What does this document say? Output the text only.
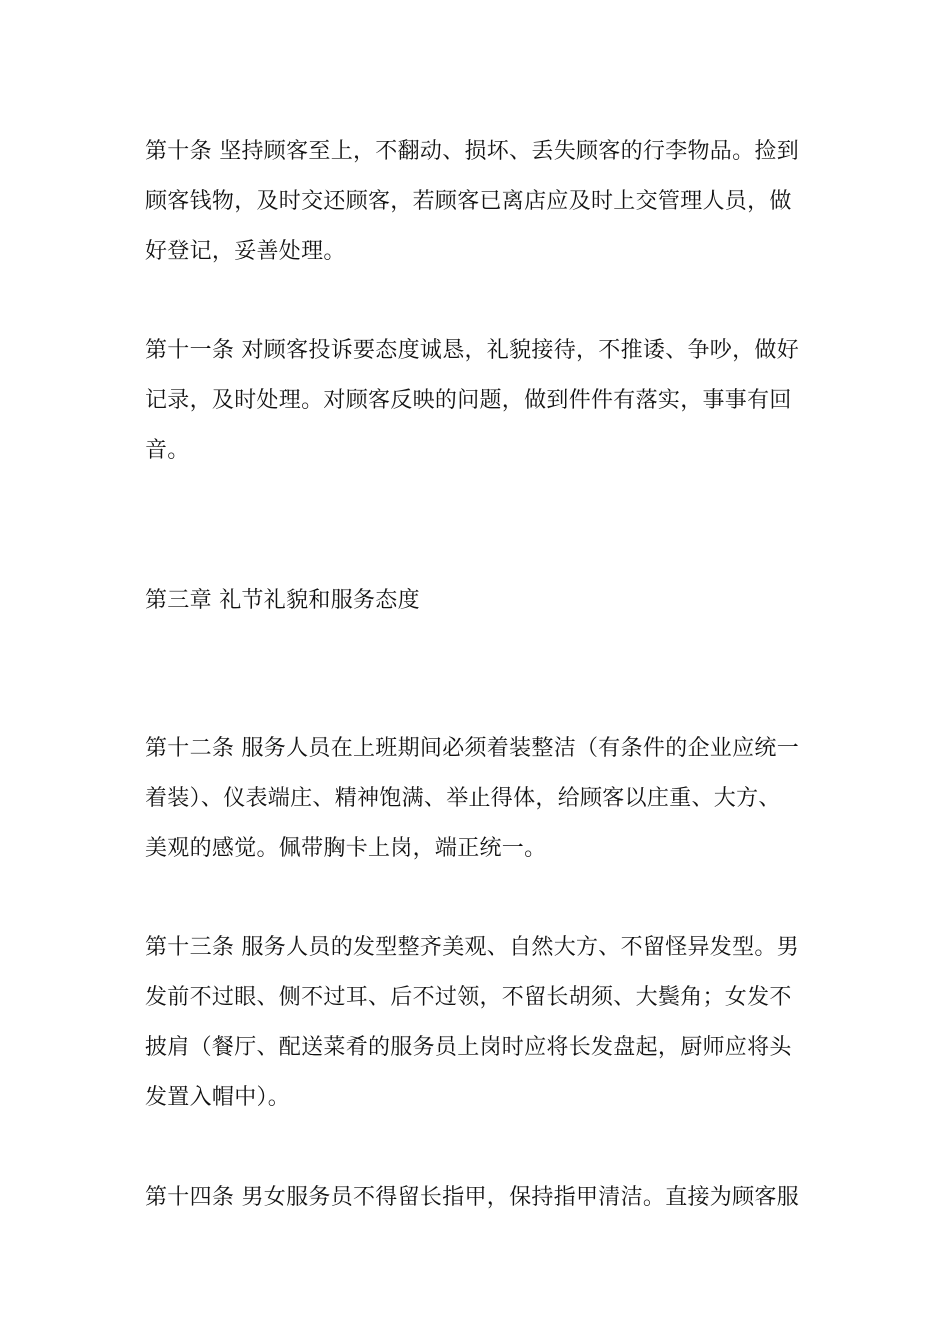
第十条 坚持顾客至上，不翻动、损坏、丢失顾客的行李物品。捡到
顾客钱物，及时交还顾客，若顾客已离店应及时上交管理人员，做
好登记，妥善处理。
第十一条 对顾客投诉要态度诚恳，礼貌接待，不推诿、争吵，做好
记录，及时处理。对顾客反映的问题，做到件件有落实，事事有回
音。
第三章 礼节礼貌和服务态度
第十二条 服务人员在上班期间必须着装整洁（有条件的企业应统一
着装）、仪表端庄、精神饱满、举止得体，给顾客以庄重、大方、
美观的感觉。佩带胸卡上岗，端正统一。
第十三条 服务人员的发型整齐美观、自然大方、不留怪异发型。男
发前不过眼、侧不过耳、后不过领，不留长胡须、大鬓角；女发不
披肩（餐厅、配送菜肴的服务员上岗时应将长发盘起，厨师应将头
发置入帽中）。
第十四条 男女服务员不得留长指甲，保持指甲清洁。直接为顾客服
